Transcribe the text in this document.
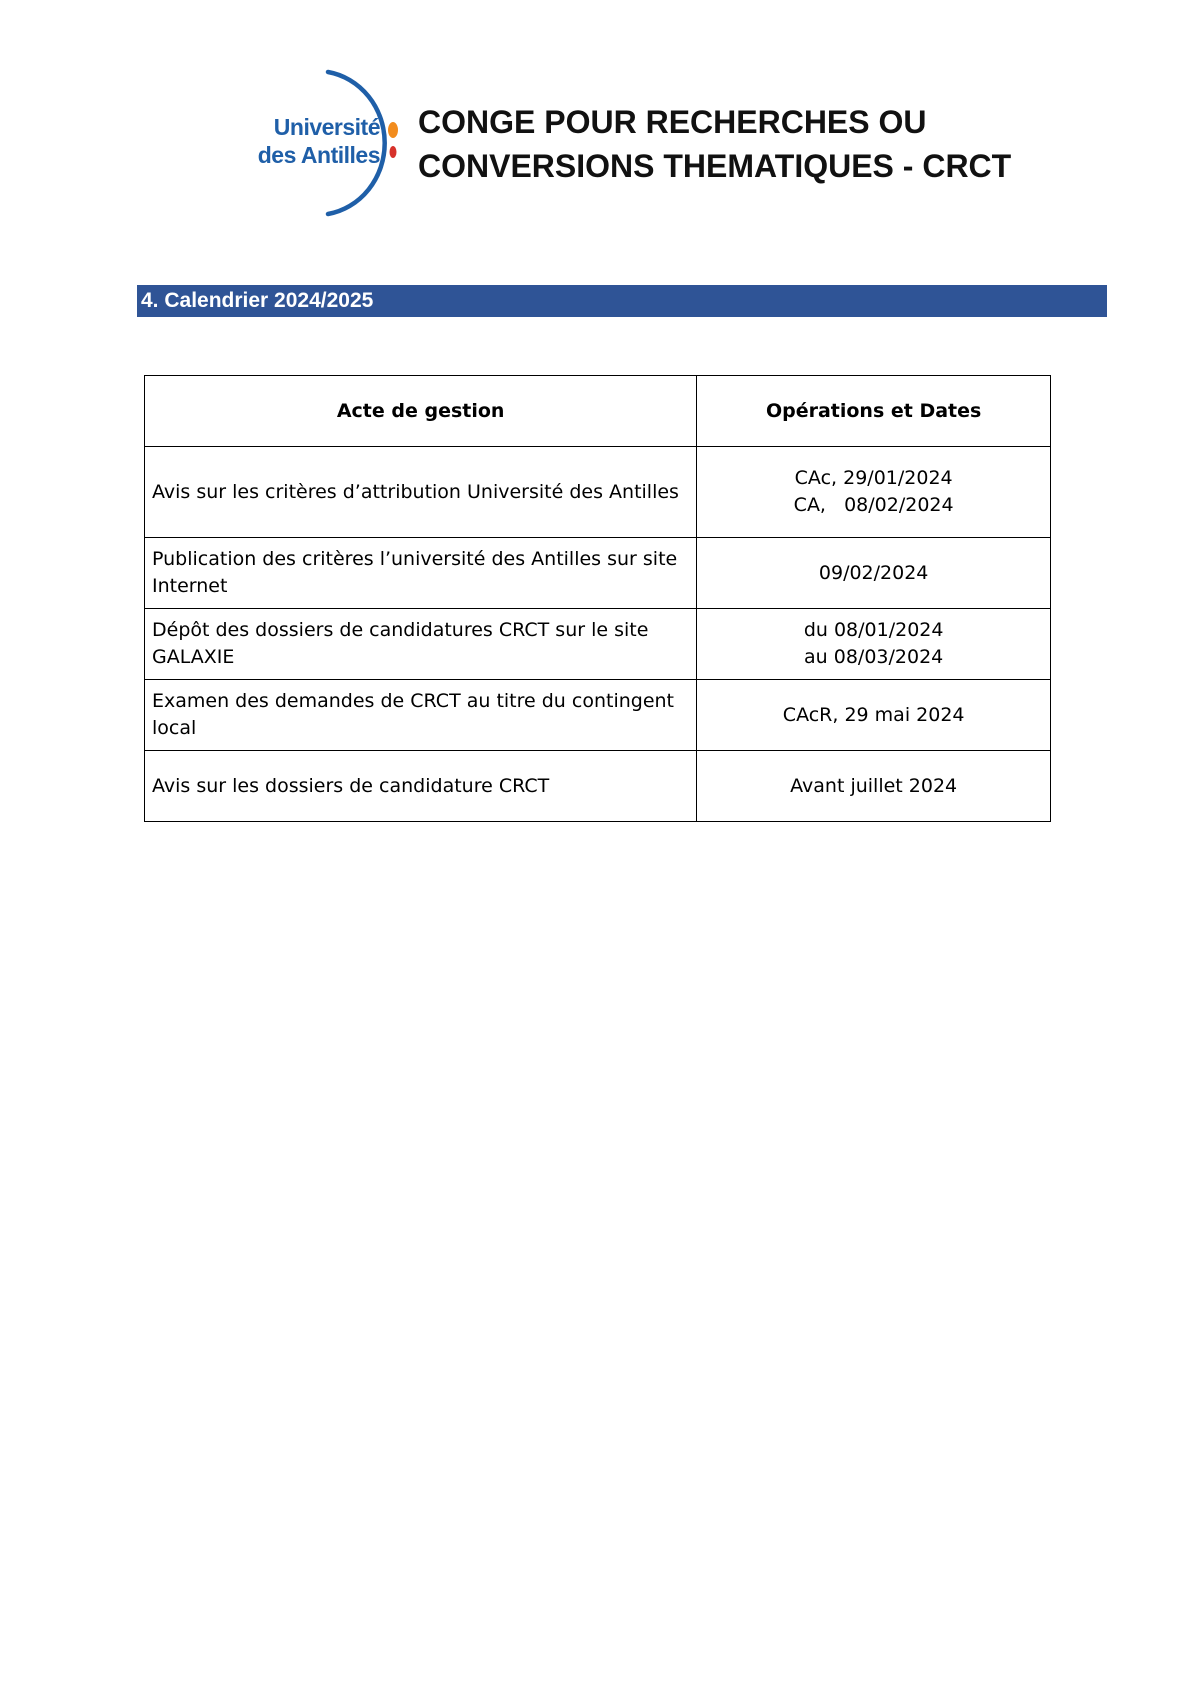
Université
des Antilles
CONGE POUR RECHERCHES OU
CONVERSIONS THEMATIQUES - CRCT
4. Calendrier 2024/2025
Acte de gestion	Opérations et Dates
Avis sur les critères d’attribution Université des Antilles	CAc, 29/01/2024
CA,   08/02/2024

Publication des critères l’université des Antilles sur site Internet	09/02/2024

Dépôt des dossiers de candidatures CRCT sur le site GALAXIE	du 08/01/2024
au 08/03/2024

Examen des demandes de CRCT au titre du contingent local	CAcR, 29 mai 2024

Avis sur les dossiers de candidature CRCT	Avant juillet 2024
